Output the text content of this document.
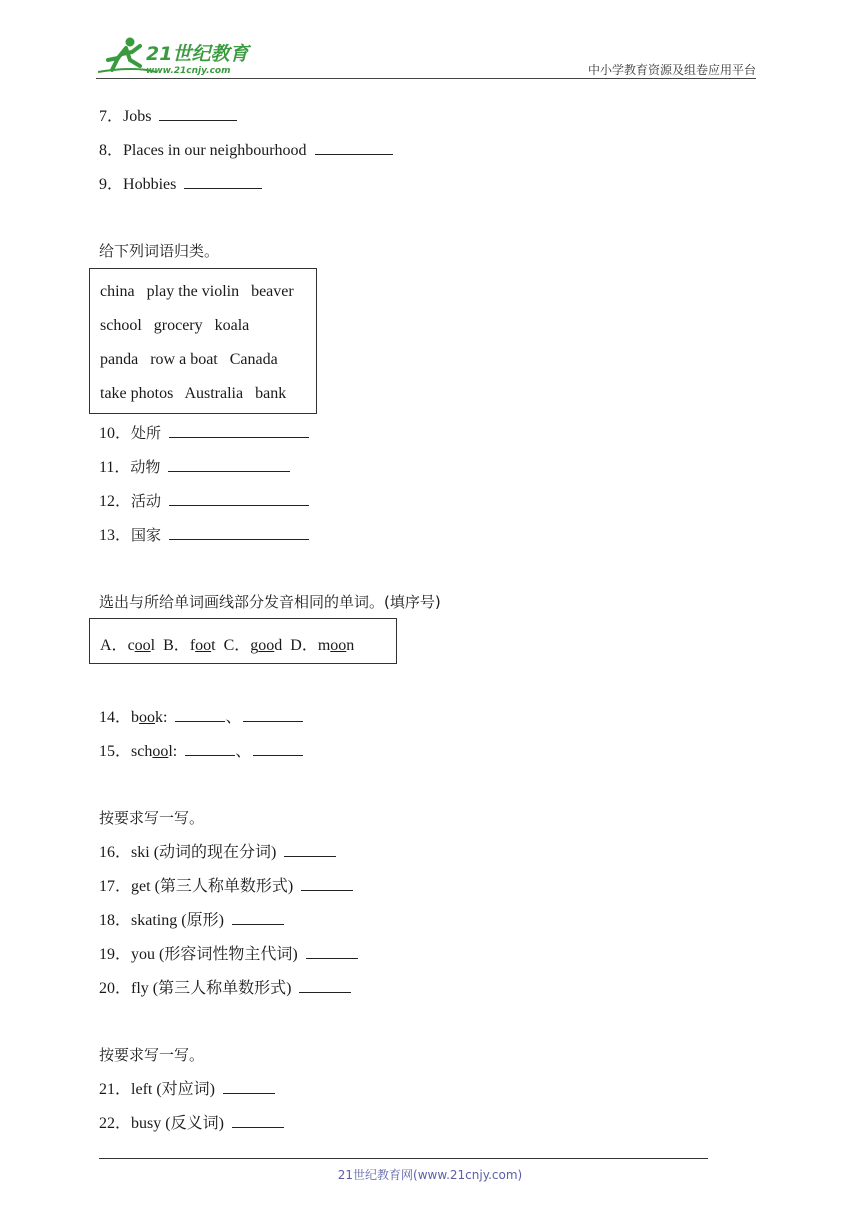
21世纪教育
www.21cnjy.com	中小学教育资源及组卷应用平台
7．Jobs
8．Places in our neighbourhood
9．Hobbies
给下列词语归类。
china   play the violin   beaver
school   grocery   koala
panda   row a boat   Canada
take photos   Australia   bank
10．处所
11．动物
12．活动
13．国家
选出与所给单词画线部分发音相同的单词。(填序号)
A．cool B．foot C．good D．moon
14．book:	、
15．school:	、
按要求写一写。
16．ski (动词的现在分词)
17．get (第三人称单数形式)
18．skating (原形)
19．you (形容词性物主代词)
20．fly (第三人称单数形式)
按要求写一写。
21．left (对应词)
22．busy (反义词)
21世纪教育网(www.21cnjy.com)
